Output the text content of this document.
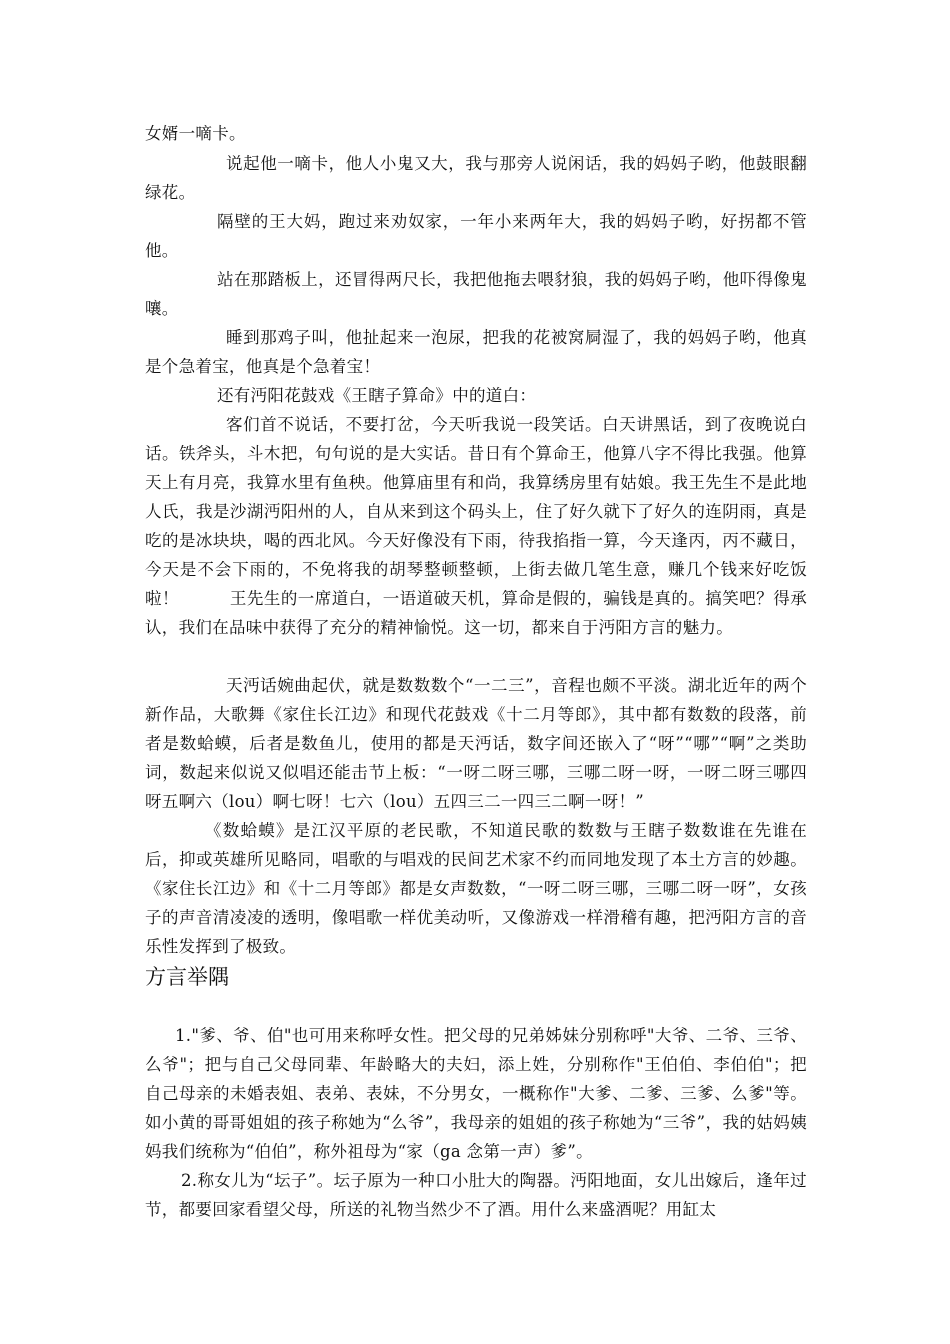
女婿一嘀卡。
说起他一嘀卡，他人小鬼又大，我与那旁人说闲话，我的妈妈子哟，他鼓眼翻绿花。
隔壁的王大妈，跑过来劝奴家，一年小来两年大，我的妈妈子哟，好拐都不管他。
站在那踏板上，还冒得两尺长，我把他拖去喂豺狼，我的妈妈子哟，他吓得像鬼嚷。
睡到那鸡子叫，他扯起来一泡尿，把我的花被窝屙湿了，我的妈妈子哟，他真是个急着宝，他真是个急着宝！
还有沔阳花鼓戏《王瞎子算命》中的道白：
客们首不说话，不要打岔，今天听我说一段笑话。白天讲黑话，到了夜晚说白话。铁斧头，斗木把，句句说的是大实话。昔日有个算命王，他算八字不得比我强。他算天上有月亮，我算水里有鱼秧。他算庙里有和尚，我算绣房里有姑娘。我王先生不是此地人氏，我是沙湖沔阳州的人，自从来到这个码头上，住了好久就下了好久的连阴雨，真是吃的是冰块块，喝的西北风。今天好像没有下雨，待我掐指一算，今天逢丙，丙不藏日，今天是不会下雨的，不免将我的胡琴整顿整顿，上街去做几笔生意，赚几个钱来好吃饭啦！　　　王先生的一席道白，一语道破天机，算命是假的，骗钱是真的。搞笑吧？得承认，我们在品味中获得了充分的精神愉悦。这一切，都来自于沔阳方言的魅力。
天沔话婉曲起伏，就是数数数个“一二三”，音程也颇不平淡。湖北近年的两个新作品，大歌舞《家住长江边》和现代花鼓戏《十二月等郎》，其中都有数数的段落，前者是数蛤蟆，后者是数鱼儿，使用的都是天沔话，数字间还嵌入了“呀”“哪”“啊”之类助词，数起来似说又似唱还能击节上板：“一呀二呀三哪，三哪二呀一呀，一呀二呀三哪四呀五啊六（lou）啊七呀！七六（lou）五四三二一四三二啊一呀！”
《数蛤蟆》是江汉平原的老民歌，不知道民歌的数数与王瞎子数数谁在先谁在后，抑或英雄所见略同，唱歌的与唱戏的民间艺术家不约而同地发现了本土方言的妙趣。《家住长江边》和《十二月等郎》都是女声数数，“一呀二呀三哪，三哪二呀一呀”，女孩子的声音清凌凌的透明，像唱歌一样优美动听，又像游戏一样滑稽有趣，把沔阳方言的音乐性发挥到了极致。
方言举隅
1."爹、爷、伯"也可用来称呼女性。把父母的兄弟姊妹分别称呼"大爷、二爷、三爷、么爷"；把与自己父母同辈、年龄略大的夫妇，添上姓，分别称作"王伯伯、李伯伯"；把自己母亲的未婚表姐、表弟、表妹，不分男女，一概称作"大爹、二爹、三爹、么爹"等。如小黄的哥哥姐姐的孩子称她为“么爷”，我母亲的姐姐的孩子称她为“三爷”，我的姑妈姨妈我们统称为“伯伯”，称外祖母为“家（ga 念第一声）爹”。
2.称女儿为“坛子”。坛子原为一种口小肚大的陶器。沔阳地面，女儿出嫁后，逢年过节，都要回家看望父母，所送的礼物当然少不了酒。用什么来盛酒呢？用缸太
